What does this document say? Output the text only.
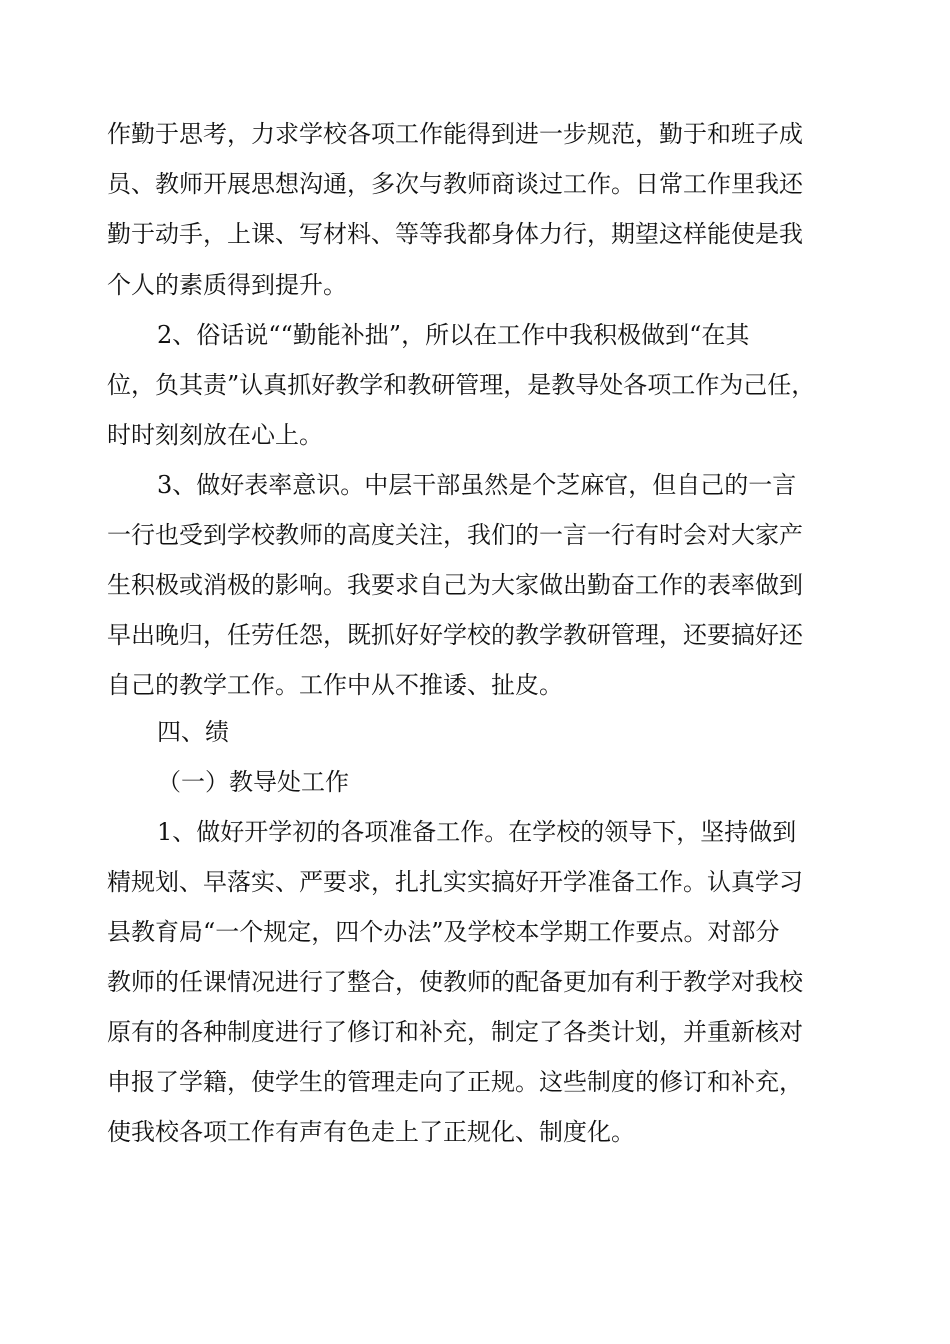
作勤于思考，力求学校各项工作能得到进一步规范，勤于和班子成

员、教师开展思想沟通，多次与教师商谈过工作。日常工作里我还

勤于动手，上课、写材料、等等我都身体力行，期望这样能使是我

个人的素质得到提升。

2、俗话说““勤能补拙”，所以在工作中我积极做到“在其

位，负其责”认真抓好教学和教研管理，是教导处各项工作为己任，

时时刻刻放在心上。

3、做好表率意识。中层干部虽然是个芝麻官，但自己的一言

一行也受到学校教师的高度关注，我们的一言一行有时会对大家产

生积极或消极的影响。我要求自己为大家做出勤奋工作的表率做到

早出晚归，任劳任怨，既抓好好学校的教学教研管理，还要搞好还

自己的教学工作。工作中从不推诿、扯皮。

四、绩

（一）教导处工作

1、做好开学初的各项准备工作。在学校的领导下，坚持做到

精规划、早落实、严要求，扎扎实实搞好开学准备工作。认真学习

县教育局“一个规定，四个办法”及学校本学期工作要点。对部分

教师的任课情况进行了整合，使教师的配备更加有利于教学对我校

原有的各种制度进行了修订和补充，制定了各类计划，并重新核对

申报了学籍，使学生的管理走向了正规。这些制度的修订和补充，

使我校各项工作有声有色走上了正规化、制度化。
